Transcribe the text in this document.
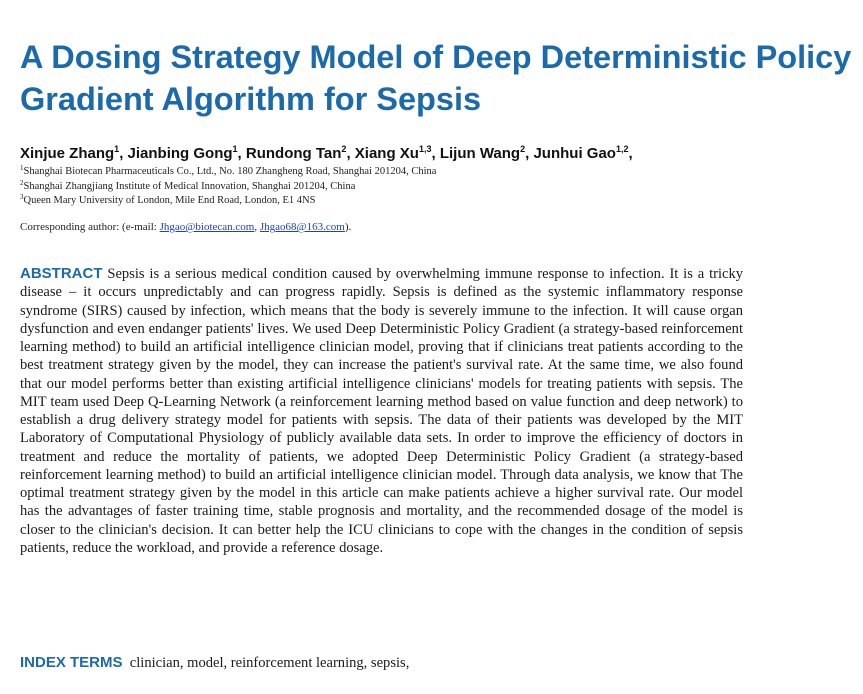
A Dosing Strategy Model of Deep Deterministic Policy Gradient Algorithm for Sepsis
Xinjue Zhang$^1$, Jianbing Gong$^1$, Rundong Tan$^2$, Xiang Xu$^{1,3}$, Lijun Wang$^2$, Junhui Gao$^{1,2}$,
$^1$Shanghai Biotecan Pharmaceuticals Co., Ltd., No. 180 Zhangheng Road, Shanghai 201204, China
$^2$Shanghai Zhangjiang Institute of Medical Innovation, Shanghai 201204, China
$^3$Queen Mary University of London, Mile End Road, London, E1 4NS
Corresponding author: (e-mail: Jhgao@biotecan.com, Jhgao68@163.com).

ABSTRACT Sepsis is a serious medical condition caused by overwhelming immune response to infection. It is a tricky disease – it occurs unpredictably and can progress rapidly. Sepsis is defined as the systemic inflammatory response syndrome (SIRS) caused by infection, which means that the body is severely immune to the infection. It will cause organ dysfunction and even endanger patients' lives. We used Deep Deterministic Policy Gradient (a strategy-based reinforcement learning method) to build an artificial intelligence clinician model, proving that if clinicians treat patients according to the best treatment strategy given by the model, they can increase the patient's survival rate. At the same time, we also found that our model performs better than existing artificial intelligence clinicians' models for treating patients with sepsis. The MIT team used Deep Q-Learning Network (a reinforcement learning method based on value function and deep network) to establish a drug delivery strategy model for patients with sepsis. The data of their patients was developed by the MIT Laboratory of Computational Physiology of publicly available data sets. In order to improve the efficiency of doctors in treatment and reduce the mortality of patients, we adopted Deep Deterministic Policy Gradient (a strategy-based reinforcement learning method) to build an artificial intelligence clinician model. Through data analysis, we know that The optimal treatment strategy given by the model in this article can make patients achieve a higher survival rate. Our model has the advantages of faster training time, stable prognosis and mortality, and the recommended dosage of the model is closer to the clinician's decision. It can better help the ICU clinicians to cope with the changes in the condition of sepsis patients, reduce the workload, and provide a reference dosage.

INDEX TERMS clinician, model, reinforcement learning, sepsis,
